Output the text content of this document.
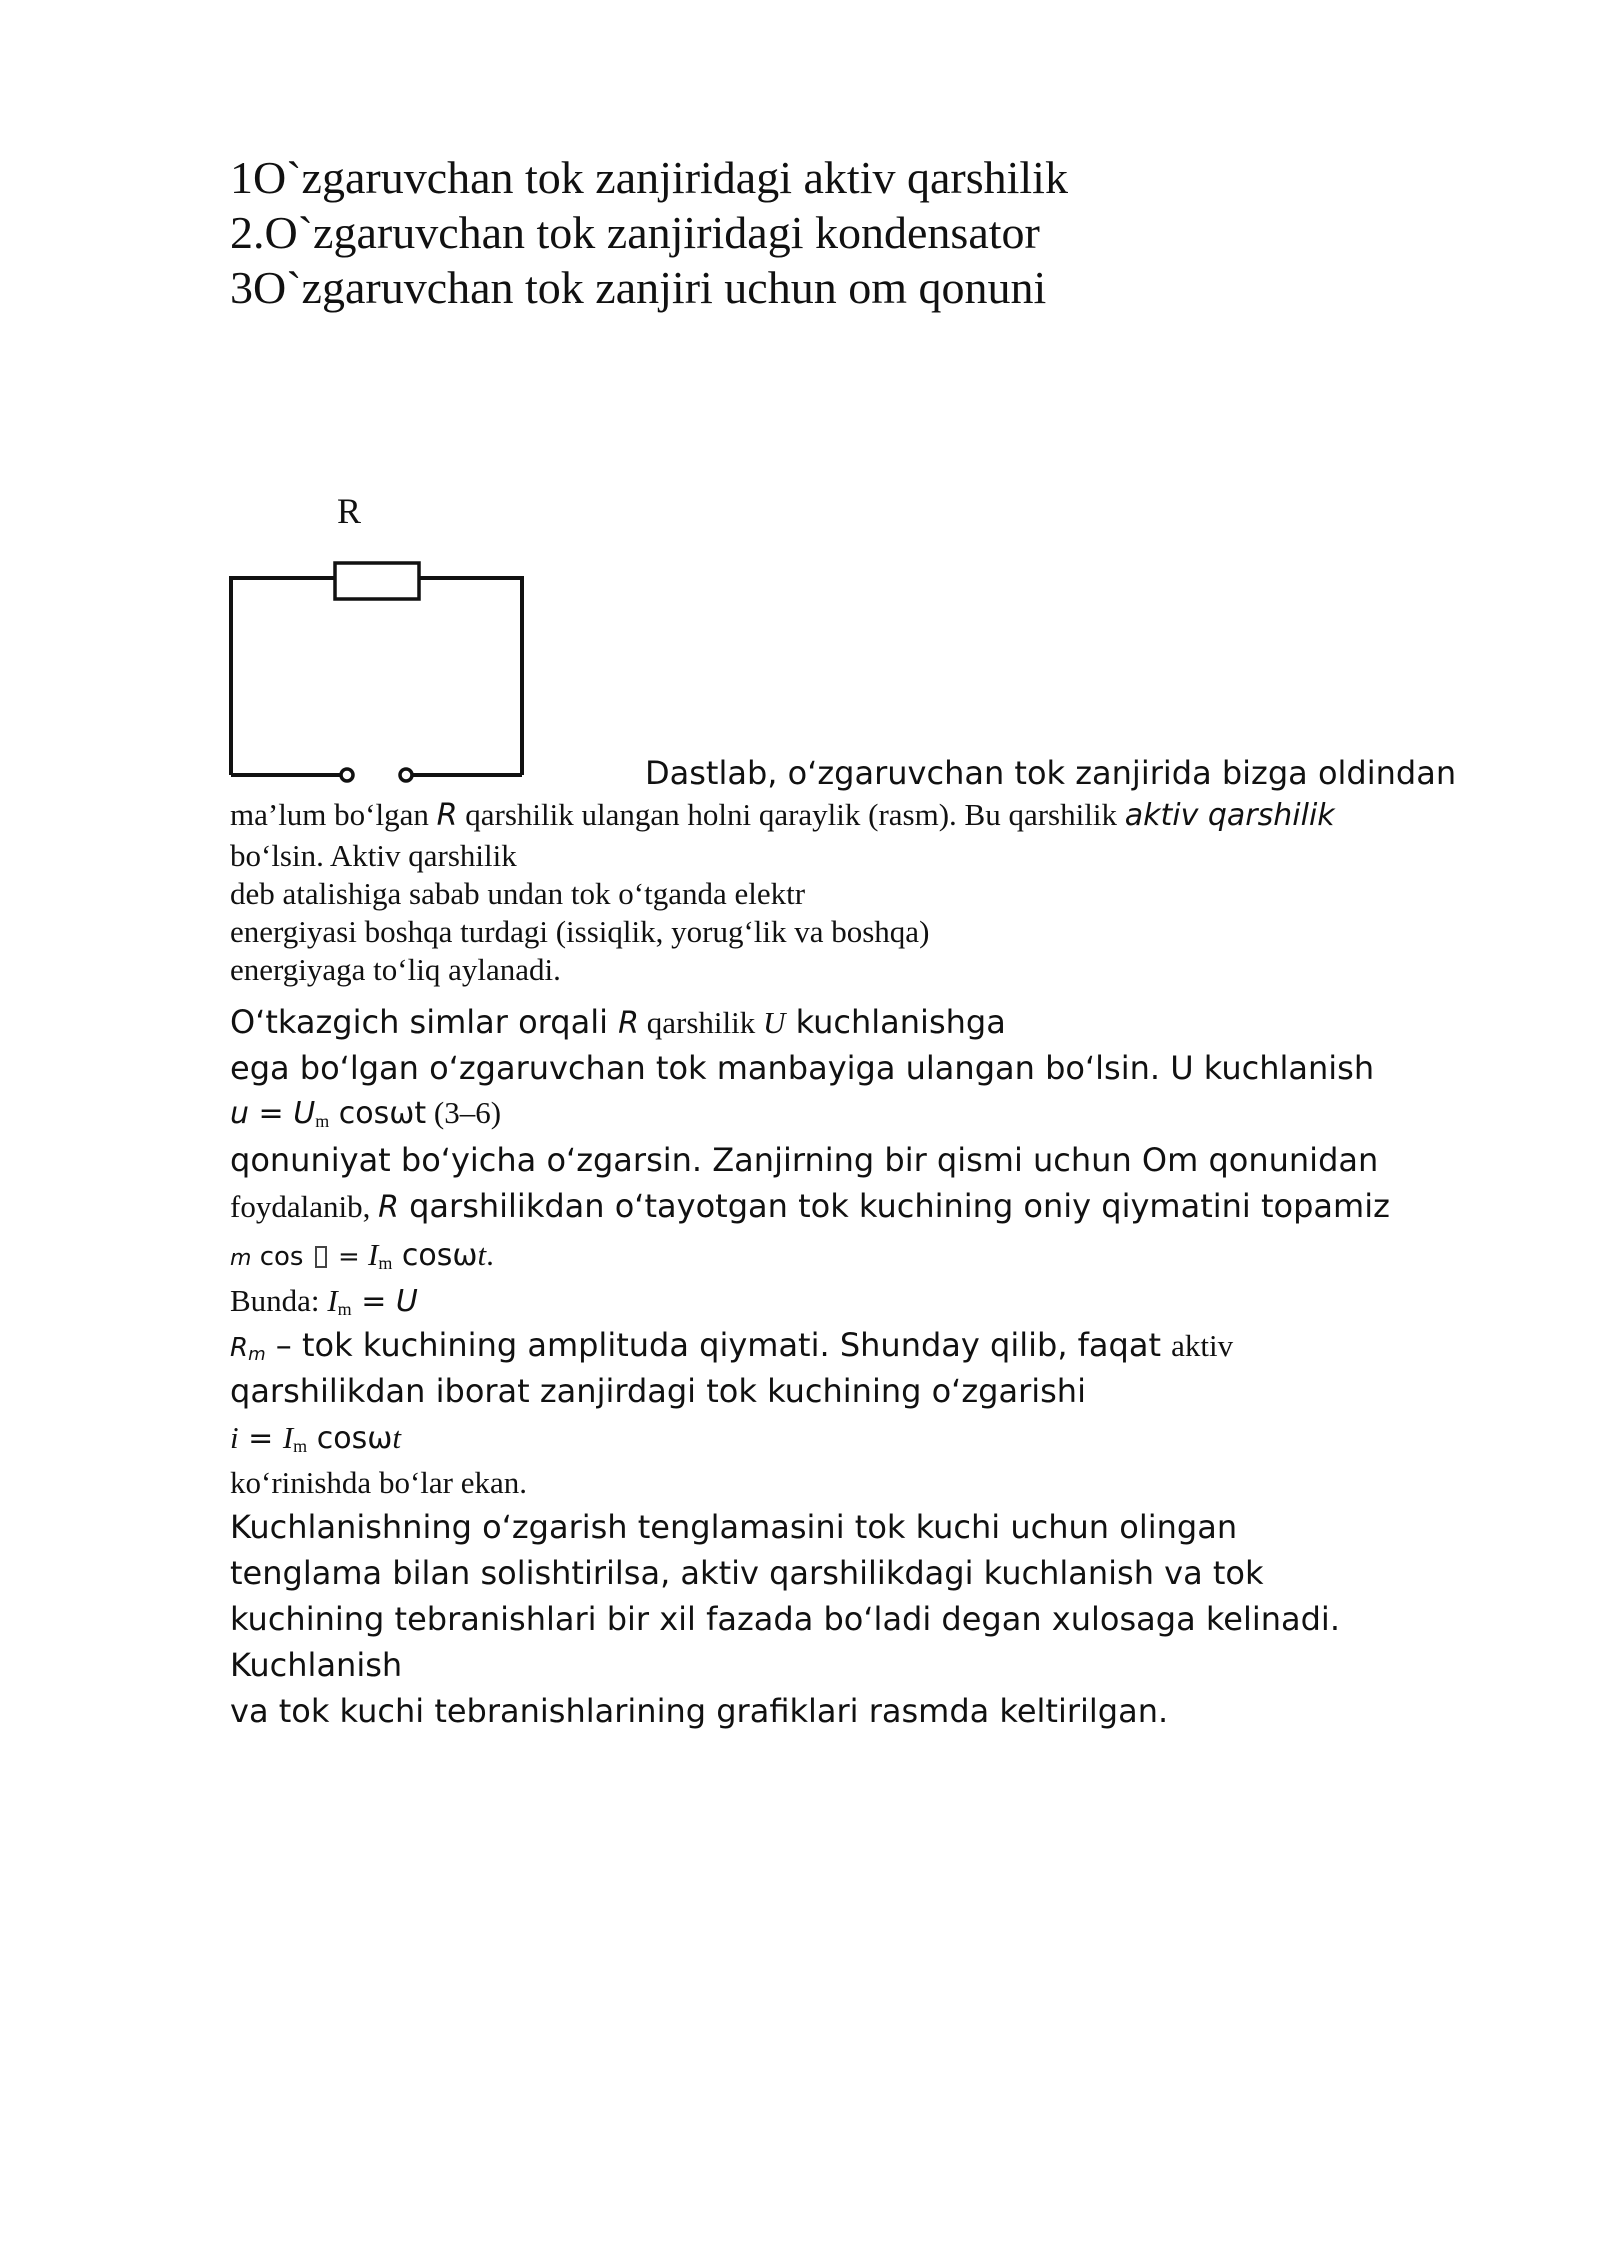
1O`zgaruvchan tok zanjiridagi aktiv qarshilik
2.O`zgaruvchan tok zanjiridagi kondensator
3O`zgaruvchan tok zanjiri uchun om qonuni
R
Dastlab, o‘zgaruvchan tok zanjirida bizga oldindan
ma’lum bo‘lgan R qarshilik ulangan holni qaraylik (rasm). Bu qarshilik aktiv qarshilik
bo‘lsin. Aktiv qarshilik
deb atalishiga sabab undan tok o‘tganda elektr
energiyasi boshqa turdagi (issiqlik, yorug‘lik va boshqa)
energiyaga to‘liq aylanadi.
O‘tkazgich simlar orqali R qarshilik U kuchlanishga
ega bo‘lgan o‘zgaruvchan tok manbayiga ulangan bo‘lsin. U kuchlanish
u = Um cosωt (3–6)
qonuniyat bo‘yicha o‘zgarsin. Zanjirning bir qismi uchun Om qonunidan
foydalanib, R qarshilikdan o‘tayotgan tok kuchining oniy qiymatini topamiz
m cos  = Im cosωt.
Bunda: Im = U
Rm – tok kuchining amplituda qiymati. Shunday qilib, faqat aktiv
qarshilikdan iborat zanjirdagi tok kuchining o‘zgarishi
i = Im cosωt
ko‘rinishda bo‘lar ekan.
Kuchlanishning o‘zgarish tenglamasini tok kuchi uchun olingan
tenglama bilan solishtirilsa, aktiv qarshilikdagi kuchlanish va tok
kuchining tebranishlari bir xil fazada bo‘ladi degan xulosaga kelinadi.
Kuchlanish
va tok kuchi tebranishlarining grafiklari rasmda keltirilgan.
